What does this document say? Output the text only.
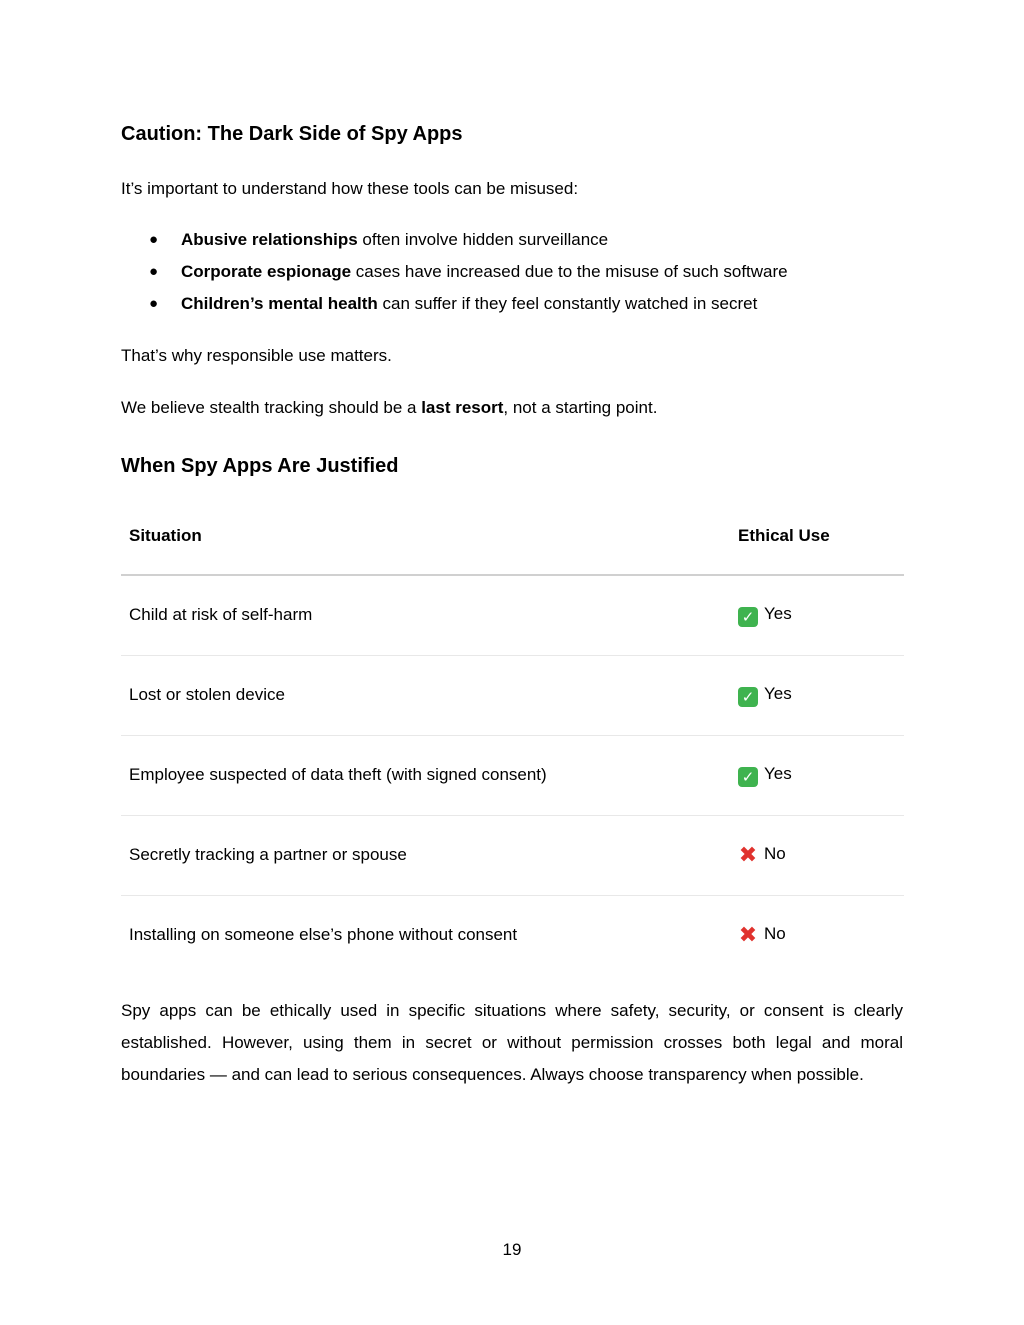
Caution: The Dark Side of Spy Apps
It’s important to understand how these tools can be misused:
● Abusive relationships often involve hidden surveillance
● Corporate espionage cases have increased due to the misuse of such software
● Children’s mental health can suffer if they feel constantly watched in secret
That’s why responsible use matters.
We believe stealth tracking should be a last resort, not a starting point.
When Spy Apps Are Justified
Situation	Ethical Use
Child at risk of self-harm	✓ Yes
Lost or stolen device	✓ Yes
Employee suspected of data theft (with signed consent)	✓ Yes
Secretly tracking a partner or spouse	✖ No
Installing on someone else’s phone without consent	✖ No

Spy apps can be ethically used in specific situations where safety, security, or consent is clearly established. However, using them in secret or without permission crosses both legal and moral boundaries — and can lead to serious consequences. Always choose transparency when possible.

19
